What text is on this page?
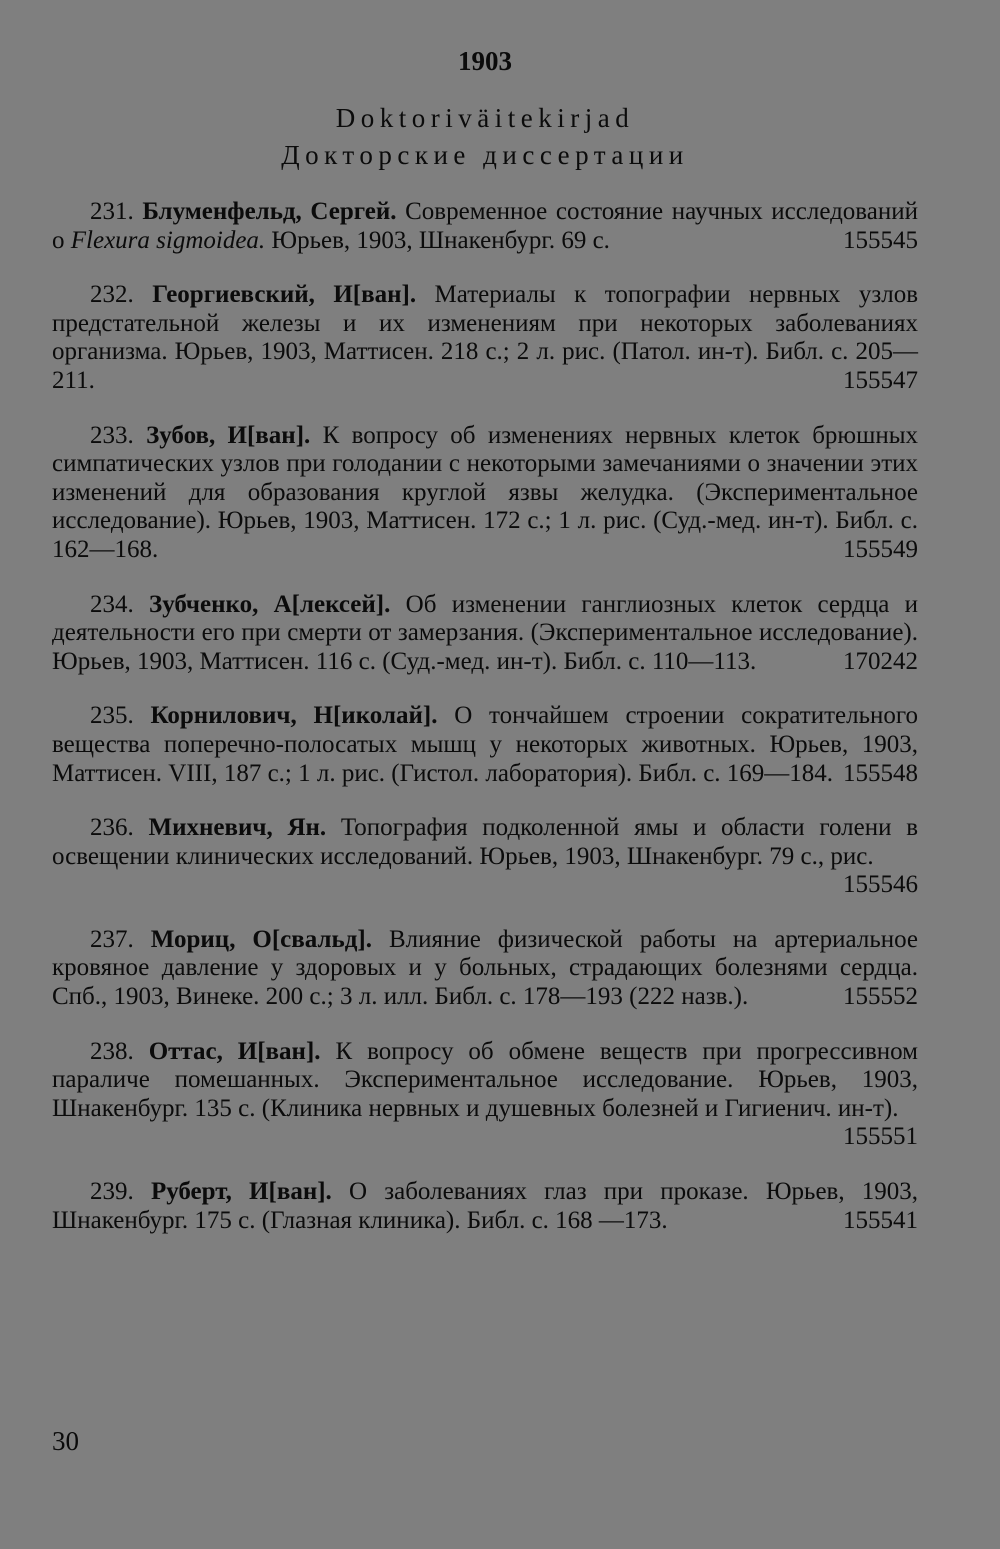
1903
Doktoriväitekirjad
Докторские диссертации
231. Блуменфельд, Сергей. Современное состояние научных исследований о Flexura sigmoidea. Юрьев, 1903, Шнакенбург. 69 с.	155545
232. Георгиевский, И[ван]. Материалы к топографии нервных узлов предстательной железы и их изменениям при некоторых заболеваниях организма. Юрьев, 1903, Маттисен. 218 с.; 2 л. рис. (Патол. ин-т). Библ. с. 205—211.	155547
233. Зубов, И[ван]. К вопросу об изменениях нервных клеток брюшных симпатических узлов при голодании с некоторыми замечаниями о значении этих изменений для образования круглой язвы желудка. (Экспериментальное исследование). Юрьев, 1903, Маттисен. 172 с.; 1 л. рис. (Суд.-мед. ин-т). Библ. с. 162—168.	155549
234. Зубченко, А[лексей]. Об изменении ганглиозных клеток сердца и деятельности его при смерти от замерзания. (Экспериментальное исследование). Юрьев, 1903, Маттисен. 116 с. (Суд.-мед. ин-т). Библ. с. 110—113.	170242
235. Корнилович, Н[иколай]. О тончайшем строении сократительного вещества поперечно-полосатых мышц у некоторых животных. Юрьев, 1903, Маттисен. VIII, 187 с.; 1 л. рис. (Гистол. лаборатория). Библ. с. 169—184. 155548
236. Михневич, Ян. Топография подколенной ямы и области голени в освещении клинических исследований. Юрьев, 1903, Шнакенбург. 79 с., рис.
155546
237. Мориц, О[свальд]. Влияние физической работы на артериальное кровяное давление у здоровых и у больных, страдающих болезнями сердца. Спб., 1903, Винеке. 200 с.; 3 л. илл. Библ. с. 178—193 (222 назв.).	155552
238. Оттас, И[ван]. К вопросу об обмене веществ при прогрессивном параличе помешанных. Экспериментальное исследование. Юрьев, 1903, Шнакенбург. 135 с. (Клиника нервных и душевных болезней и Гигиенич. ин-т).
155551
239. Руберт, И[ван]. О заболеваниях глаз при проказе. Юрьев, 1903, Шнакенбург. 175 с. (Глазная клиника). Библ. с. 168 —173.	155541
30
